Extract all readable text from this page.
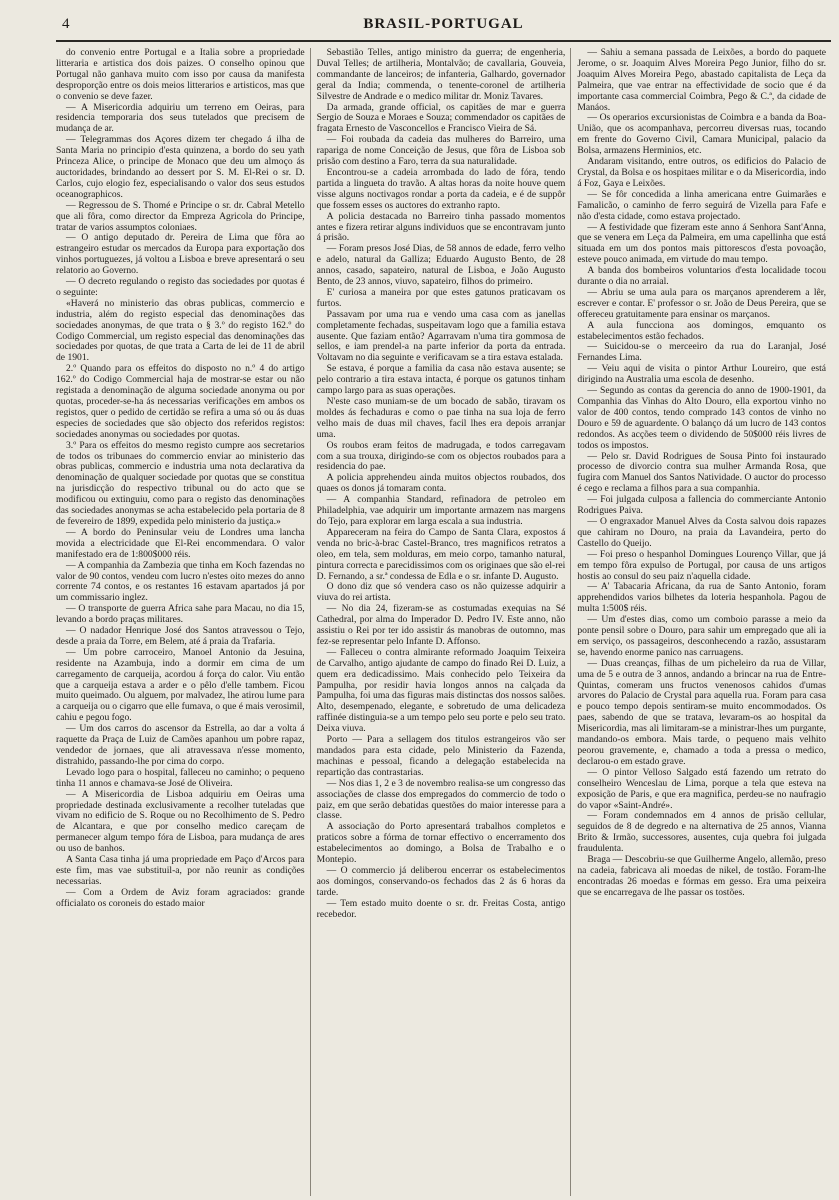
4	BRASIL-PORTUGAL

do convenio entre Portugal e a Italia sobre a propriedade litteraria e artistica dos dois paizes. O conselho opinou que Portugal não ganhava muito com isso por causa da manifesta desproporção entre os dois meios litterarios e artisticos, mas que o convenio se deve fazer.

— A Misericordia adquiriu um terreno em Oeiras, para residencia temporaria dos seus tutelados que precisem de mudança de ar.

— Telegrammas dos Açores dizem ter chegado á ilha de Santa Maria no principio d'esta quinzena, a bordo do seu yath Princeza Alice, o principe de Monaco que deu um almoço ás auctoridades, brindando ao dessert por S. M. El-Rei o sr. D. Carlos, cujo elogio fez, especialisando o valor dos seus estudos oceanographicos.

— Regressou de S. Thomé e Principe o sr. dr. Cabral Metello que ali fôra, como director da Empreza Agricola do Principe, tratar de varios assumptos coloniaes.

— O antigo deputado dr. Pereira de Lima que fôra ao estrangeiro estudar os mercados da Europa para exportação dos vinhos portuguezes, já voltou a Lisboa e breve apresentará o seu relatorio ao Governo.

— O decreto regulando o registo das sociedades por quotas é o seguinte:

«Haverá no ministerio das obras publicas, commercio e industria, além do registo especial das denominações das sociedades anonymas, de que trata o § 3.º do registo 162.º do Codigo Commercial, um registo especial das denominações das sociedades por quotas, de que trata a Carta de lei de 11 de abril de 1901.

2.º Quando para os effeitos do disposto no n.º 4 do artigo 162.º do Codigo Commercial haja de mostrar-se estar ou não registada a denominação de alguma sociedade anonyma ou por quotas, proceder-se-ha ás necessarias verificações em ambos os registos, quer o pedido de certidão se refira a uma só ou ás duas especies de sociedades que são objecto dos referidos registos: sociedades anonymas ou sociedades por quotas.

3.º Para os effeitos do mesmo registo cumpre aos secretarios de todos os tribunaes do commercio enviar ao ministerio das obras publicas, commercio e industria uma nota declarativa da denominação de qualquer sociedade por quotas que se constitua na jurisdicção do respectivo tribunal ou do acto que se modificou ou extinguiu, como para o registo das denominações das sociedades anonymas se acha estabelecido pela portaria de 8 de fevereiro de 1899, expedida pelo ministerio da justiça.»

— A bordo do Peninsular veiu de Londres uma lancha movida a electricidade que El-Rei encommendara. O valor manifestado era de 1:800$000 réis.

— A companhia da Zambezia que tinha em Koch fazendas no valor de 90 contos, vendeu com lucro n'estes oito mezes do anno corrente 74 contos, e os restantes 16 estavam apartados já por um commissario inglez.

— O transporte de guerra Africa sahe para Macau, no dia 15, levando a bordo praças militares.

— O nadador Henrique José dos Santos atravessou o Tejo, desde a praia da Torre, em Belem, até á praia da Trafaria.

— Um pobre carroceiro, Manoel Antonio da Jesuina, residente na Azambuja, indo a dormir em cima de um carregamento de carqueija, acordou á força do calor. Viu então que a carqueija estava a arder e o pêlo d'elle tambem. Ficou muito queimado. Ou alguem, por malvadez, lhe atirou lume para a carqueija ou o cigarro que elle fumava, o que é mais verosimil, cahiu e pegou fogo.

— Um dos carros do ascensor da Estrella, ao dar a volta á raquette da Praça de Luiz de Camões apanhou um pobre rapaz, vendedor de jornaes, que ali atravessava n'esse momento, distrahido, passando-lhe por cima do corpo.

Levado logo para o hospital, falleceu no caminho; o pequeno tinha 11 annos e chamava-se José de Oliveira.

— A Misericordia de Lisboa adquiriu em Oeiras uma propriedade destinada exclusivamente a recolher tuteladas que vivam no edificio de S. Roque ou no Recolhimento de S. Pedro de Alcantara, e que por conselho medico careçam de permanecer algum tempo fóra de Lisboa, para mudança de ares ou uso de banhos.

A Santa Casa tinha já uma propriedade em Paço d'Arcos para este fim, mas vae substituil-a, por não reunir as condições necessarias.

— Com a Ordem de Aviz foram agraciados: grande officialato os coroneis do estado maior

Sebastião Telles, antigo ministro da guerra; de engenheria, Duval Telles; de artilheria, Montalvão; de cavallaria, Gouveia, commandante de lanceiros; de infanteria, Galhardo, governador geral da India; commenda, o tenente-coronel de artilheria Silvestre de Andrade e o medico militar dr. Moniz Tavares.

Da armada, grande official, os capitães de mar e guerra Sergio de Souza e Moraes e Souza; commendador os capitães de fragata Ernesto de Vasconcellos e Francisco Vieira de Sá.

— Foi roubada da cadeia das mulheres do Barreiro, uma rapariga de nome Conceição de Jesus, que fôra de Lisboa sob prisão com destino a Faro, terra da sua naturalidade.

Encontrou-se a cadeia arrombada do lado de fóra, tendo partida a lingueta do travão. A altas horas da noite houve quem visse alguns noctivagos rondar a porta da cadeia, e é de suppôr que fossem esses os auctores do extranho rapto.

A policia destacada no Barreiro tinha passado momentos antes e fizera retirar alguns individuos que se encontravam junto á prisão.

— Foram presos José Dias, de 58 annos de edade, ferro velho e adelo, natural da Galliza; Eduardo Augusto Bento, de 28 annos, casado, sapateiro, natural de Lisboa, e João Augusto Bento, de 23 annos, viuvo, sapateiro, filhos do primeiro.

E' curiosa a maneira por que estes gatunos praticavam os furtos.

Passavam por uma rua e vendo uma casa com as janellas completamente fechadas, suspeitavam logo que a familia estava ausente. Que faziam então? Agarravam n'uma tira gommosa de sellos, e iam prendel-a na parte inferior da porta da entrada. Voltavam no dia seguinte e verificavam se a tira estava estalada.

Se estava, é porque a familia da casa não estava ausente; se pelo contrario a tira estava intacta, é porque os gatunos tinham campo largo para as suas operações.

N'este caso muniam-se de um bocado de sabão, tiravam os moldes ás fechaduras e como o pae tinha na sua loja de ferro velho mais de duas mil chaves, facil lhes era depois arranjar uma.

Os roubos eram feitos de madrugada, e todos carregavam com a sua trouxa, dirigindo-se com os objectos roubados para a residencia do pae.

A policia apprehendeu ainda muitos objectos roubados, dos quaes os donos já tomaram conta.

— A companhia Standard, refinadora de petroleo em Philadelphia, vae adquirir um importante armazem nas margens do Tejo, para explorar em larga escala a sua industria.

Appareceram na feira do Campo de Santa Clara, expostos á venda no bric-à-brac Castel-Branco, tres magnificos retratos a oleo, em tela, sem molduras, em meio corpo, tamanho natural, pintura correcta e parecidissimos com os originaes que são el-rei D. Fernando, a sr.ª condessa de Edla e o sr. infante D. Augusto.

O dono diz que só vendera caso os não quizesse adquirir a viuva do rei artista.

— No dia 24, fizeram-se as costumadas exequias na Sé Cathedral, por alma do Imperador D. Pedro IV. Este anno, não assistiu o Rei por ter ido assistir ás manobras de outomno, mas fez-se representar pelo Infante D. Affonso.

— Falleceu o contra almirante reformado Joaquim Teixeira de Carvalho, antigo ajudante de campo do finado Rei D. Luiz, a quem era dedicadissimo. Mais conhecido pelo Teixeira da Pampulha, por residir havia longos annos na calçada da Pampulha, foi uma das figuras mais distinctas dos nossos salões. Alto, desempenado, elegante, e sobretudo de uma delicadeza raffinée distinguia-se a um tempo pelo seu porte e pelo seu trato. Deixa viuva.

Porto — Para a sellagem dos titulos estrangeiros vão ser mandados para esta cidade, pelo Ministerio da Fazenda, machinas e pessoal, ficando a delegação estabelecida na repartição das contrastarias.

— Nos dias 1, 2 e 3 de novembro realisa-se um congresso das associações de classe dos empregados do commercio de todo o paiz, em que serão debatidas questões do maior interesse para a classe.

A associação do Porto apresentará trabalhos completos e praticos sobre a fórma de tornar effectivo o encerramento dos estabelecimentos ao domingo, a Bolsa de Trabalho e o Montepio.

— O commercio já deliberou encerrar os estabelecimentos aos domingos, conservando-os fechados das 2 ás 6 horas da tarde.

— Tem estado muito doente o sr. dr. Freitas Costa, antigo recebedor.

— Sahiu a semana passada de Leixões, a bordo do paquete Jerome, o sr. Joaquim Alves Moreira Pego Junior, filho do sr. Joaquim Alves Moreira Pego, abastado capitalista de Leça da Palmeira, que vae entrar na effectividade de socio que é da importante casa commercial Coimbra, Pego & C.ª, da cidade de Manáos.

— Os operarios excursionistas de Coimbra e a banda da Boa-União, que os acompanhava, percorreu diversas ruas, tocando em frente do Governo Civil, Camara Municipal, palacio da Bolsa, armazens Herminios, etc.

Andaram visitando, entre outros, os edificios do Palacio de Crystal, da Bolsa e os hospitaes militar e o da Misericordia, indo á Foz, Gaya e Leixões.

— Se fôr concedida a linha americana entre Guimarães e Famalicão, o caminho de ferro seguirá de Vizella para Fafe e não d'esta cidade, como estava projectado.

— A festividade que fizeram este anno á Senhora Sant'Anna, que se venera em Leça da Palmeira, em uma capellinha que está situada em um dos pontos mais pittorescos d'esta povoação, esteve pouco animada, em virtude do mau tempo.

A banda dos bombeiros voluntarios d'esta localidade tocou durante o dia no arraial.

— Abriu se uma aula para os marçanos aprenderem a lêr, escrever e contar. E' professor o sr. João de Deus Pereira, que se offereceu gratuitamente para ensinar os marçanos.

A aula funcciona aos domingos, emquanto os estabelecimentos estão fechados.

— Suicidou-se o merceeiro da rua do Laranjal, José Fernandes Lima.

— Veiu aqui de visita o pintor Arthur Loureiro, que está dirigindo na Australia uma escola de desenho.

— Segundo as contas da gerencia do anno de 1900-1901, da Companhia das Vinhas do Alto Douro, ella exportou vinho no valor de 400 contos, tendo comprado 143 contos de vinho no Douro e 59 de aguardente. O balanço dá um lucro de 143 contos redondos. As acções teem o dividendo de 50$000 réis livres de todos os impostos.

— Pelo sr. David Rodrigues de Sousa Pinto foi instaurado processo de divorcio contra sua mulher Armanda Rosa, que fugira com Manuel dos Santos Natividade. O auctor do processo é cego e reclama a filhos para a sua companhia.

— Foi julgada culposa a fallencia do commerciante Antonio Rodrigues Paiva.

— O engraxador Manuel Alves da Costa salvou dois rapazes que cahiram no Douro, na praia da Lavandeira, perto do Castello do Queijo.

— Foi preso o hespanhol Domingues Lourenço Villar, que já em tempo fôra expulso de Portugal, por causa de uns artigos hostis ao consul do seu paiz n'aquella cidade.

— A' Tabacaria Africana, da rua de Santo Antonio, foram apprehendidos varios bilhetes da loteria hespanhola. Pagou de multa 1:500$ réis.

— Um d'estes dias, como um comboio parasse a meio da ponte pensil sobre o Douro, para sahir um empregado que ali ia em serviço, os passageiros, desconhecendo a razão, assustaram se, havendo enorme panico nas carruagens.

— Duas creanças, filhas de um picheleiro da rua de Villar, uma de 5 e outra de 3 annos, andando a brincar na rua de Entre-Quintas, comeram uns fructos venenosos cahidos d'umas arvores do Palacio de Crystal para aquella rua. Foram para casa e pouco tempo depois sentiram-se muito encommodados. Os paes, sabendo de que se tratava, levaram-os ao hospital da Misericordia, mas ali limitaram-se a ministrar-lhes um purgante, mandando-os embora. Mais tarde, o pequeno mais velhito peorou gravemente, e, chamado a toda a pressa o medico, declarou-o em estado grave.

— O pintor Velloso Salgado está fazendo um retrato do conselheiro Wenceslau de Lima, porque a tela que esteva na exposição de Paris, e que era magnifica, perdeu-se no naufragio do vapor «Saint-André».

— Foram condemnados em 4 annos de prisão cellular, seguidos de 8 de degredo e na alternativa de 25 annos, Vianna Brito & Irmão, successores, ausentes, cuja quebra foi julgada fraudulenta.

Braga — Descobriu-se que Guilherme Angelo, allemão, preso na cadeia, fabricava ali moedas de nikel, de tostão. Foram-lhe encontradas 26 moedas e fórmas em gesso. Era uma peixeira que se encarregava de lhe passar os tostões.
